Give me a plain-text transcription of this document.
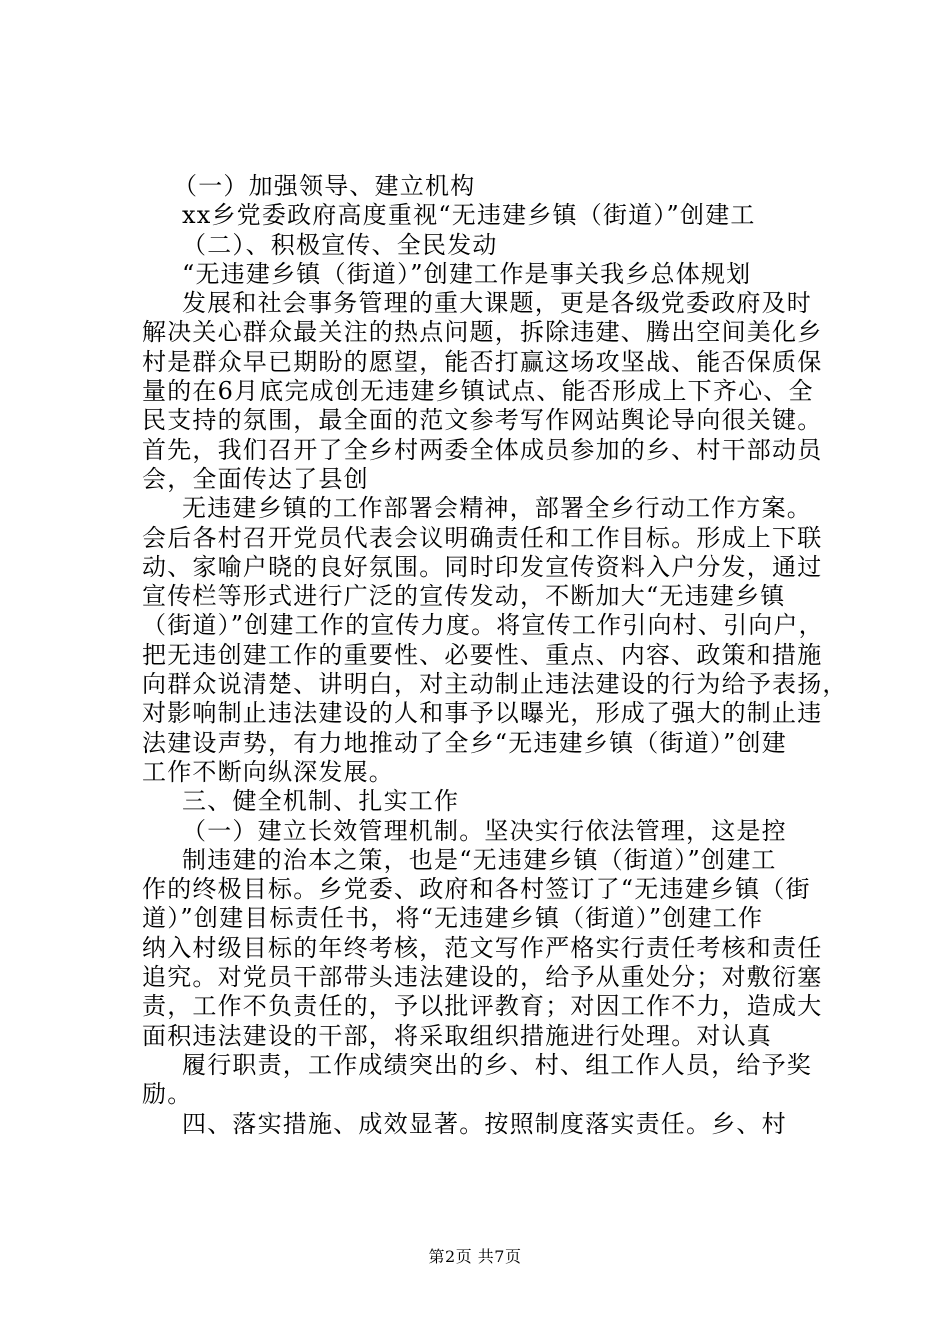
（一）加强领导、建立机构
xx乡党委政府高度重视“无违建乡镇（街道）”创建工
（二）、积极宣传、全民发动
“无违建乡镇（街道）”创建工作是事关我乡总体规划
发展和社会事务管理的重大课题，更是各级党委政府及时
解决关心群众最关注的热点问题，拆除违建、腾出空间美化乡
村是群众早已期盼的愿望，能否打赢这场攻坚战、能否保质保
量的在6月底完成创无违建乡镇试点、能否形成上下齐心、全
民支持的氛围，最全面的范文参考写作网站舆论导向很关键。
首先，我们召开了全乡村两委全体成员参加的乡、村干部动员
会，全面传达了县创
无违建乡镇的工作部署会精神，部署全乡行动工作方案。
会后各村召开党员代表会议明确责任和工作目标。形成上下联
动、家喻户晓的良好氛围。同时印发宣传资料入户分发，通过
宣传栏等形式进行广泛的宣传发动，不断加大“无违建乡镇
（街道）”创建工作的宣传力度。将宣传工作引向村、引向户，
把无违创建工作的重要性、必要性、重点、内容、政策和措施
向群众说清楚、讲明白，对主动制止违法建设的行为给予表扬，
对影响制止违法建设的人和事予以曝光，形成了强大的制止违
法建设声势，有力地推动了全乡“无违建乡镇（街道）”创建
工作不断向纵深发展。
三、健全机制、扎实工作
（一）建立长效管理机制。坚决实行依法管理，这是控
制违建的治本之策，也是“无违建乡镇（街道）”创建工
作的终极目标。乡党委、政府和各村签订了“无违建乡镇（街
道）”创建目标责任书，将“无违建乡镇（街道）”创建工作
纳入村级目标的年终考核，范文写作严格实行责任考核和责任
追究。对党员干部带头违法建设的，给予从重处分；对敷衍塞
责，工作不负责任的，予以批评教育；对因工作不力，造成大
面积违法建设的干部，将采取组织措施进行处理。对认真
履行职责，工作成绩突出的乡、村、组工作人员，给予奖
励。
四、落实措施、成效显著。按照制度落实责任。乡、村
第2页 共7页
